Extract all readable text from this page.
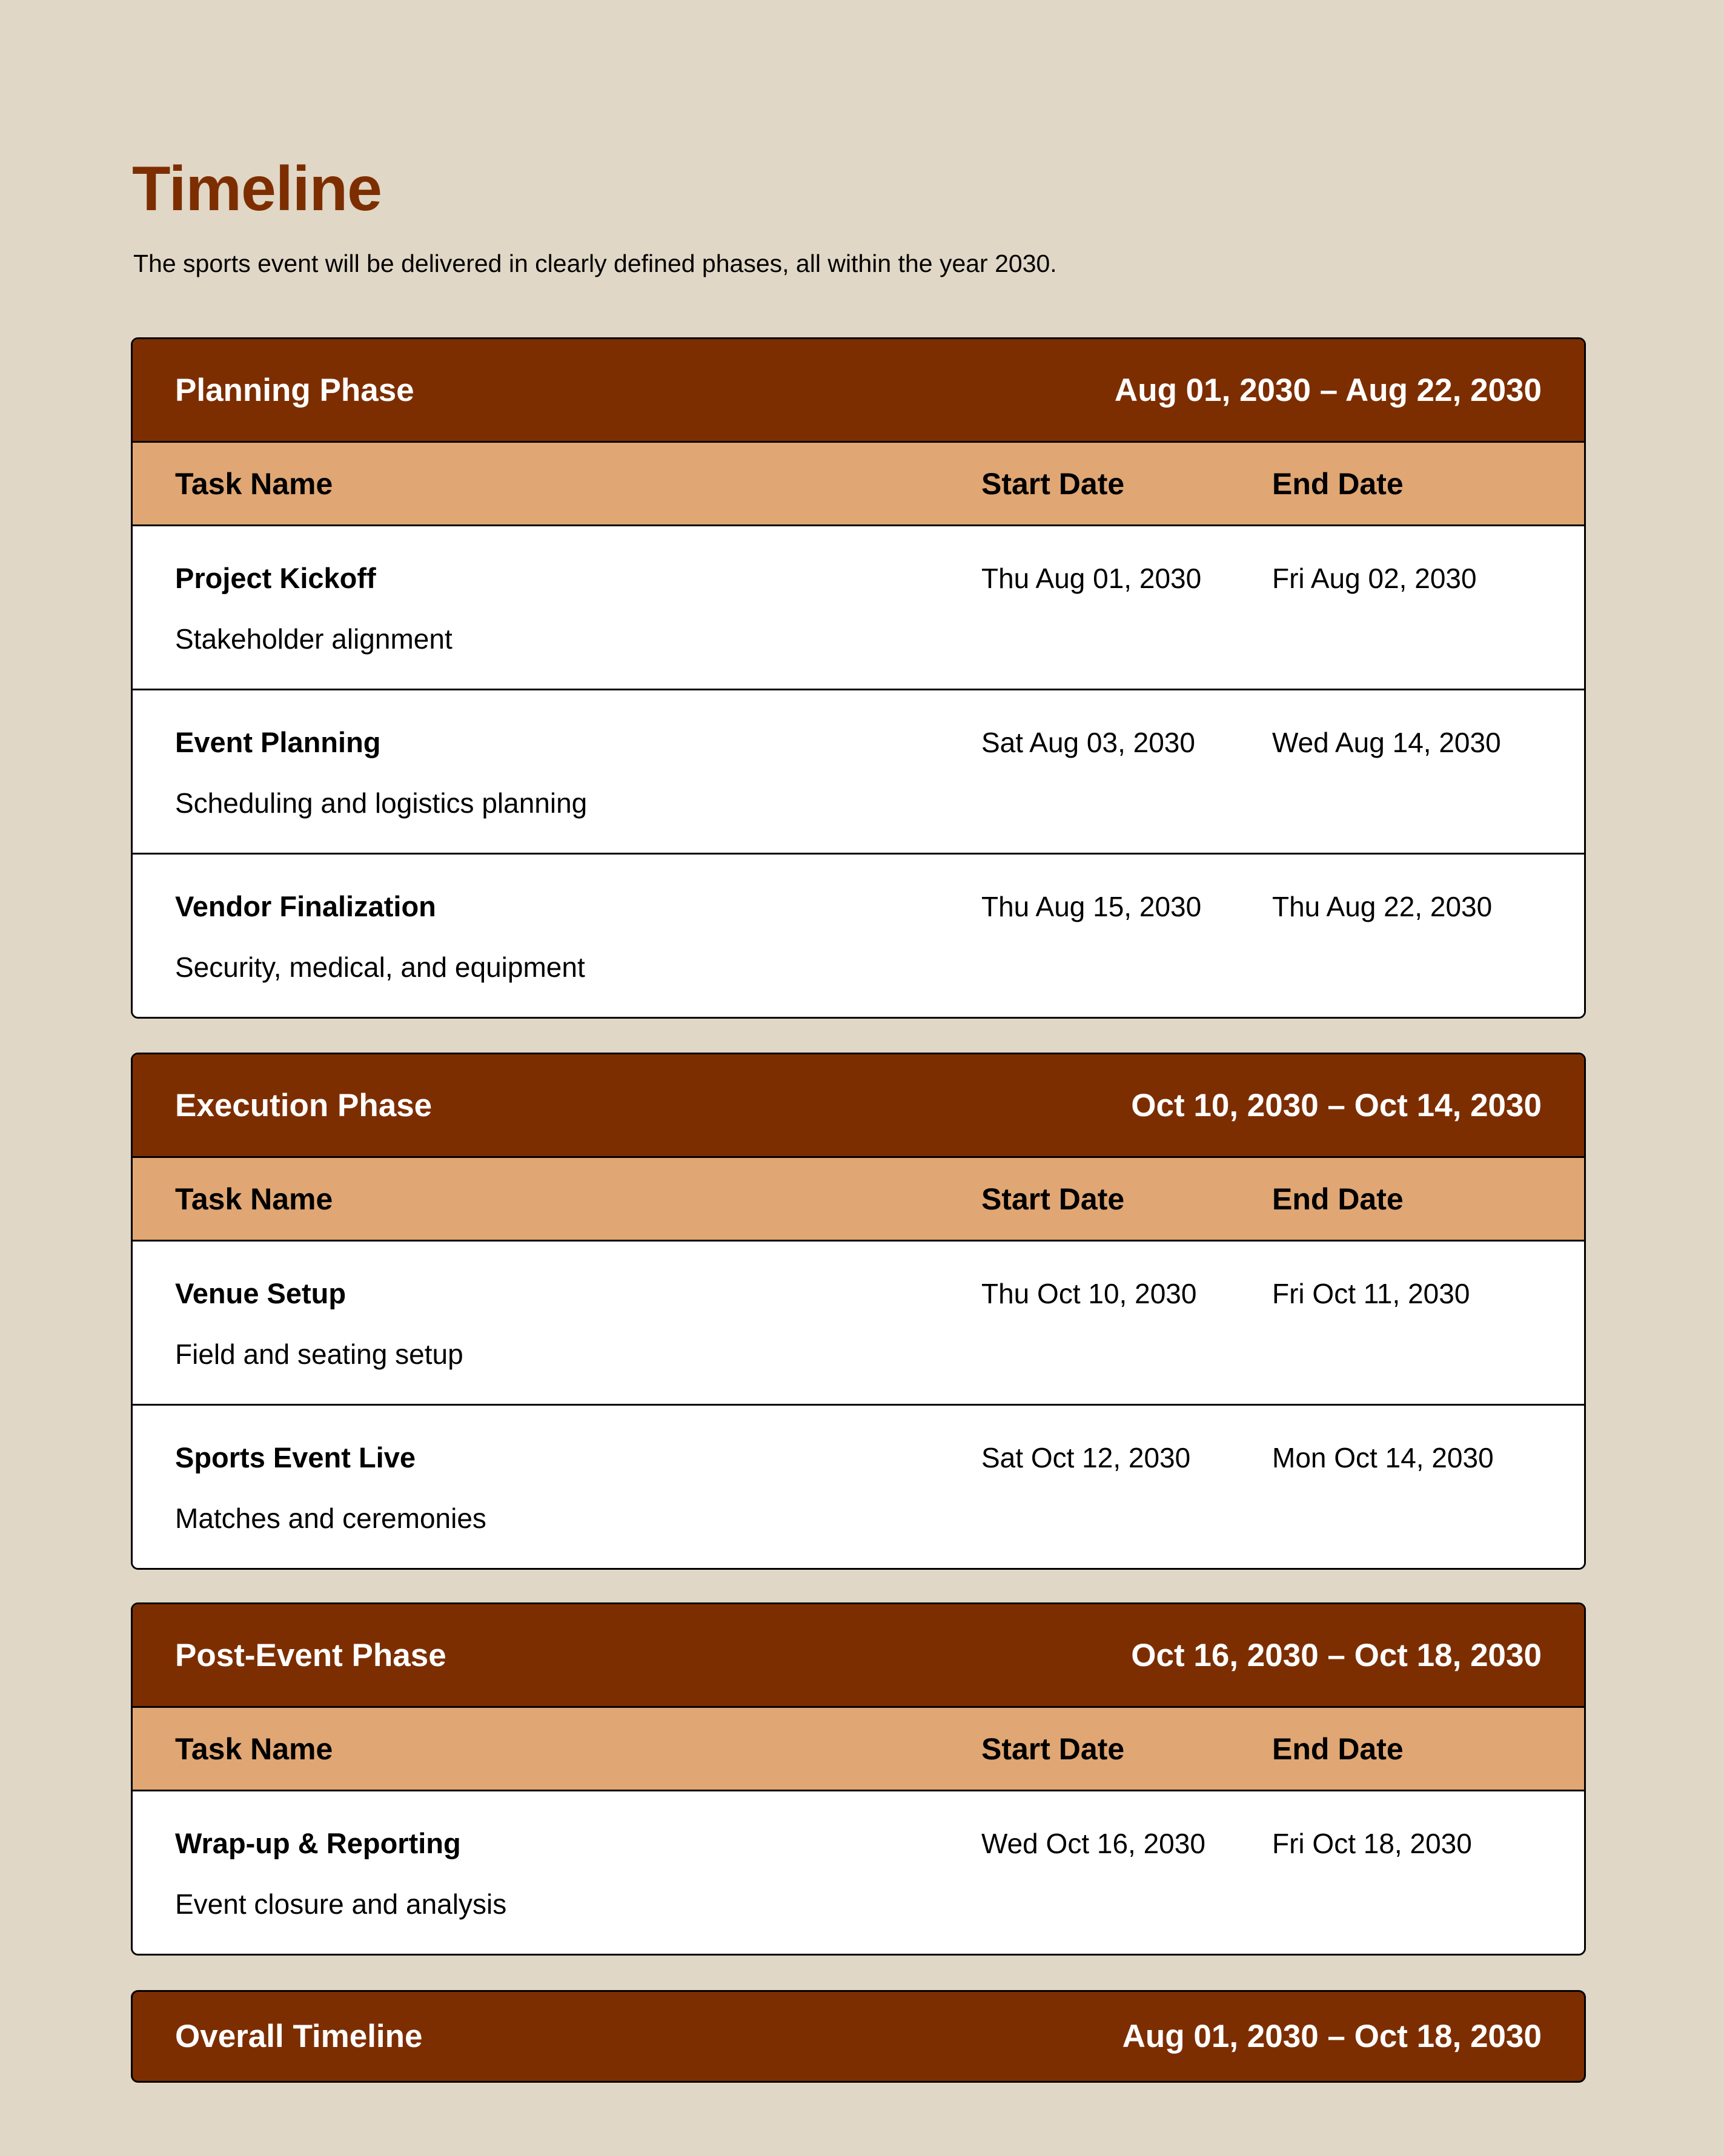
Timeline

The sports event will be delivered in clearly defined phases, all within the year 2030.

Planning Phase	Aug 01, 2030 – Aug 22, 2030
Task Name	Start Date	End Date
Project Kickoff
Stakeholder alignment
Thu Aug 01, 2030	Fri Aug 02, 2030
Event Planning
Scheduling and logistics planning
Sat Aug 03, 2030	Wed Aug 14, 2030
Vendor Finalization
Security, medical, and equipment
Thu Aug 15, 2030	Thu Aug 22, 2030
Execution Phase	Oct 10, 2030 – Oct 14, 2030
Task Name	Start Date	End Date
Venue Setup
Field and seating setup
Thu Oct 10, 2030	Fri Oct 11, 2030
Sports Event Live
Matches and ceremonies
Sat Oct 12, 2030	Mon Oct 14, 2030
Post-Event Phase	Oct 16, 2030 – Oct 18, 2030
Task Name	Start Date	End Date
Wrap-up & Reporting
Event closure and analysis
Wed Oct 16, 2030	Fri Oct 18, 2030
Overall Timeline	Aug 01, 2030 – Oct 18, 2030
